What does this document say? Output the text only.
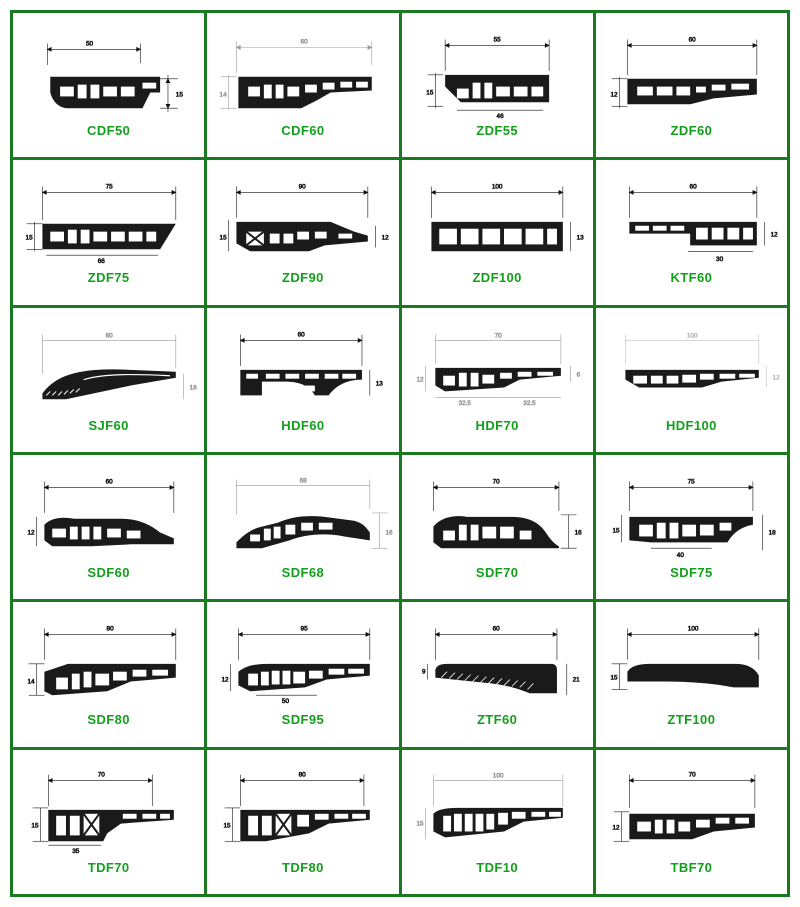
50
15
CDF50
60
14
CDF60
55
15
46
ZDF55
60
12
ZDF60
75
15
66
ZDF75
90
15	12
ZDF90
100
13
ZDF100
60
12
30
KTF60
60
16
SJF60
60
13
HDF60
70
12
6
32.5	32.5
HDF70
100
12
HDF100
60
12
SDF60
68
16
SDF68
70
16
SDF70
75
15	18
40
SDF75
80
14
SDF80
95
12
50
SDF95
60
9
21
ZTF60
100
15
ZTF100
70
15
35
TDF70
80
15
TDF80
100
15
TDF10
70
12
TBF70
